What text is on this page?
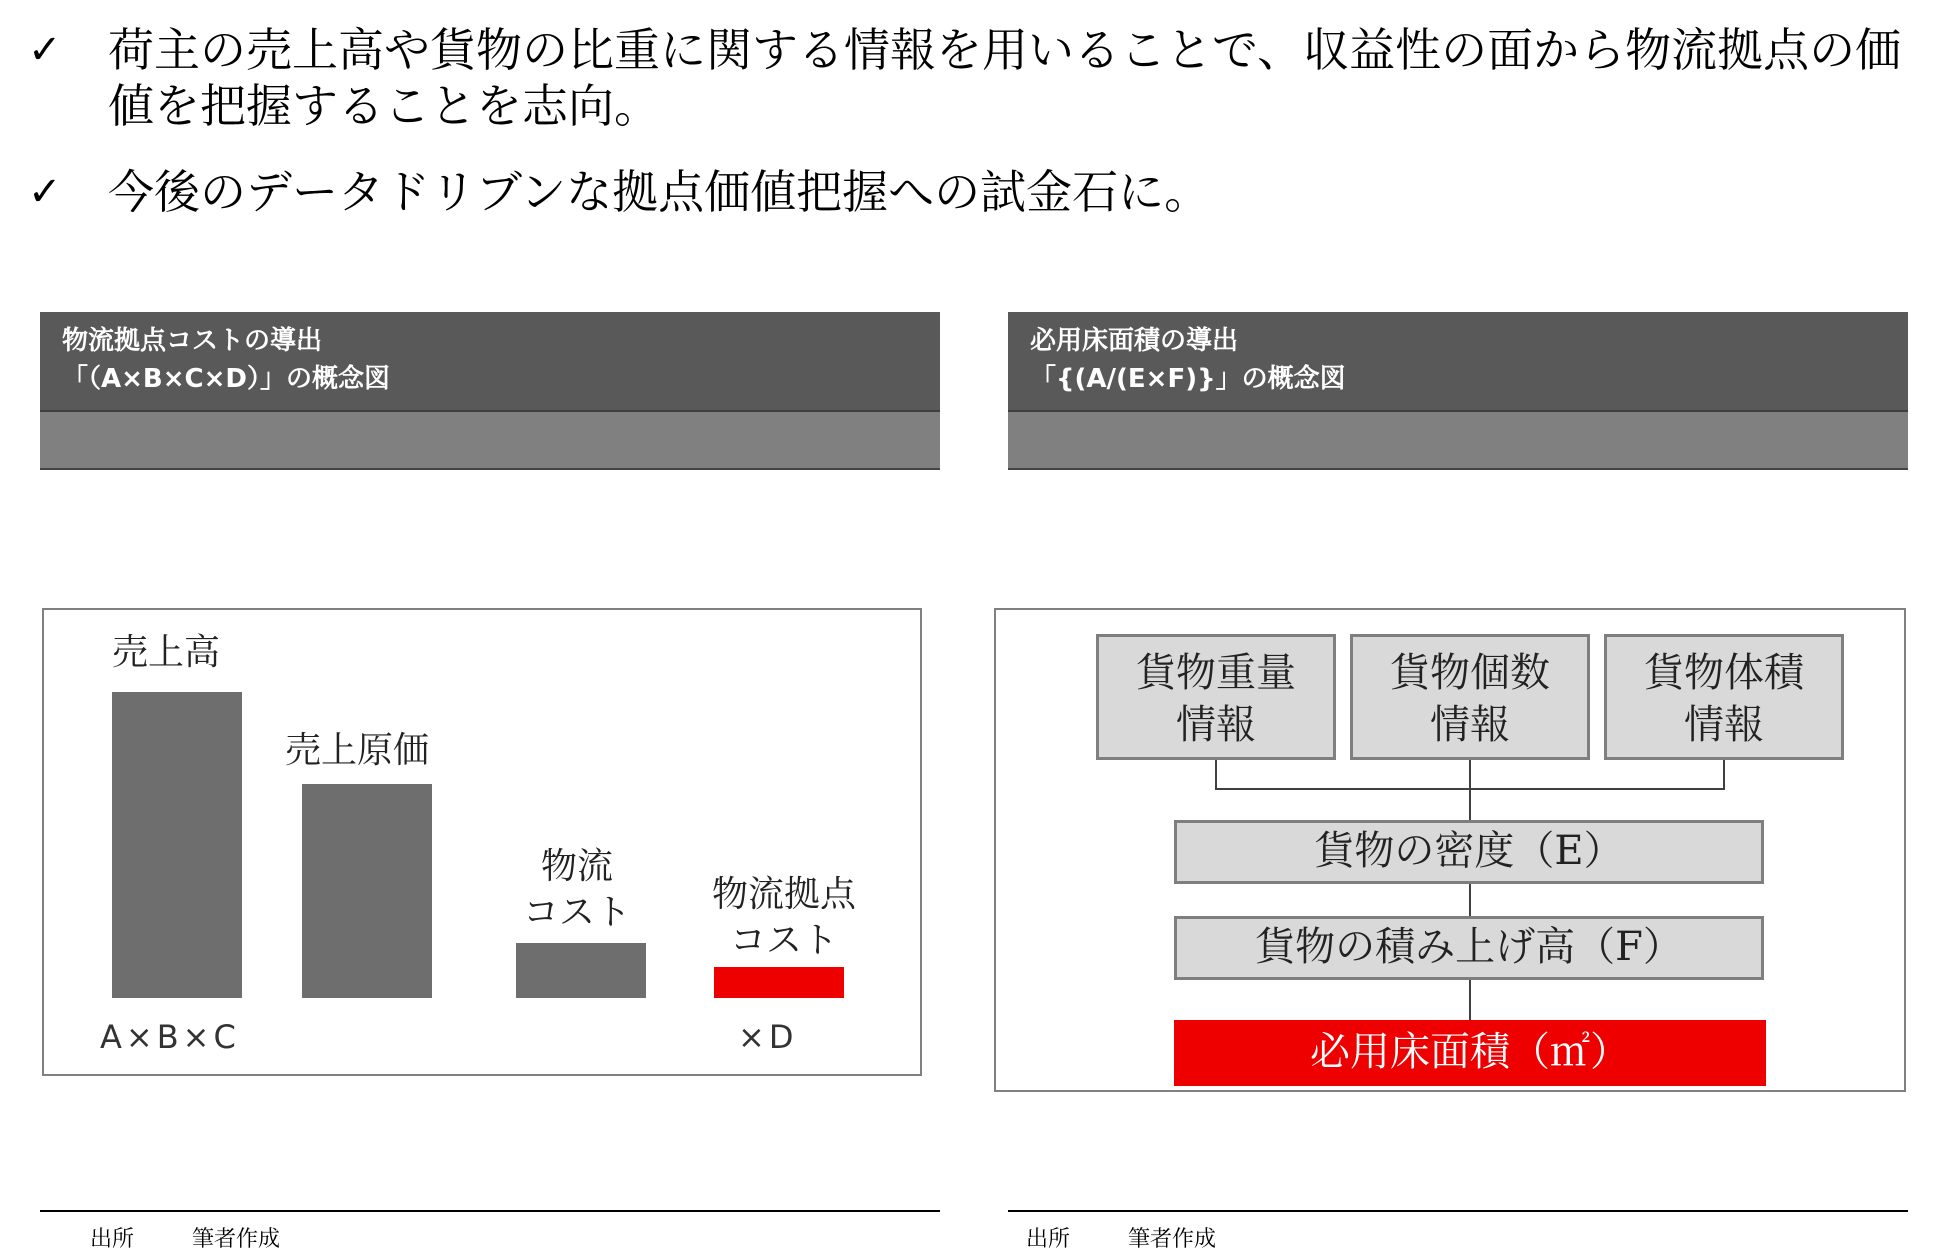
✓ 荷主の売上高や貨物の比重に関する情報を用いることで、収益性の面から物流拠点の価値を把握することを志向。
✓ 今後のデータドリブンな拠点価値把握への試金石に。
物流拠点コストの導出
「（A×B×C×D）」の概念図
必用床面積の導出
「{(A/(E×F)}」の概念図
売上高
売上原価
物流
コスト	物流拠点
コスト
A×B×C	×D
貨物重量
情報
貨物個数
情報
貨物体積
情報
貨物の密度（E）
貨物の積み上げ高（F）
必用床面積（㎡）
出所	筆者作成	出所	筆者作成
